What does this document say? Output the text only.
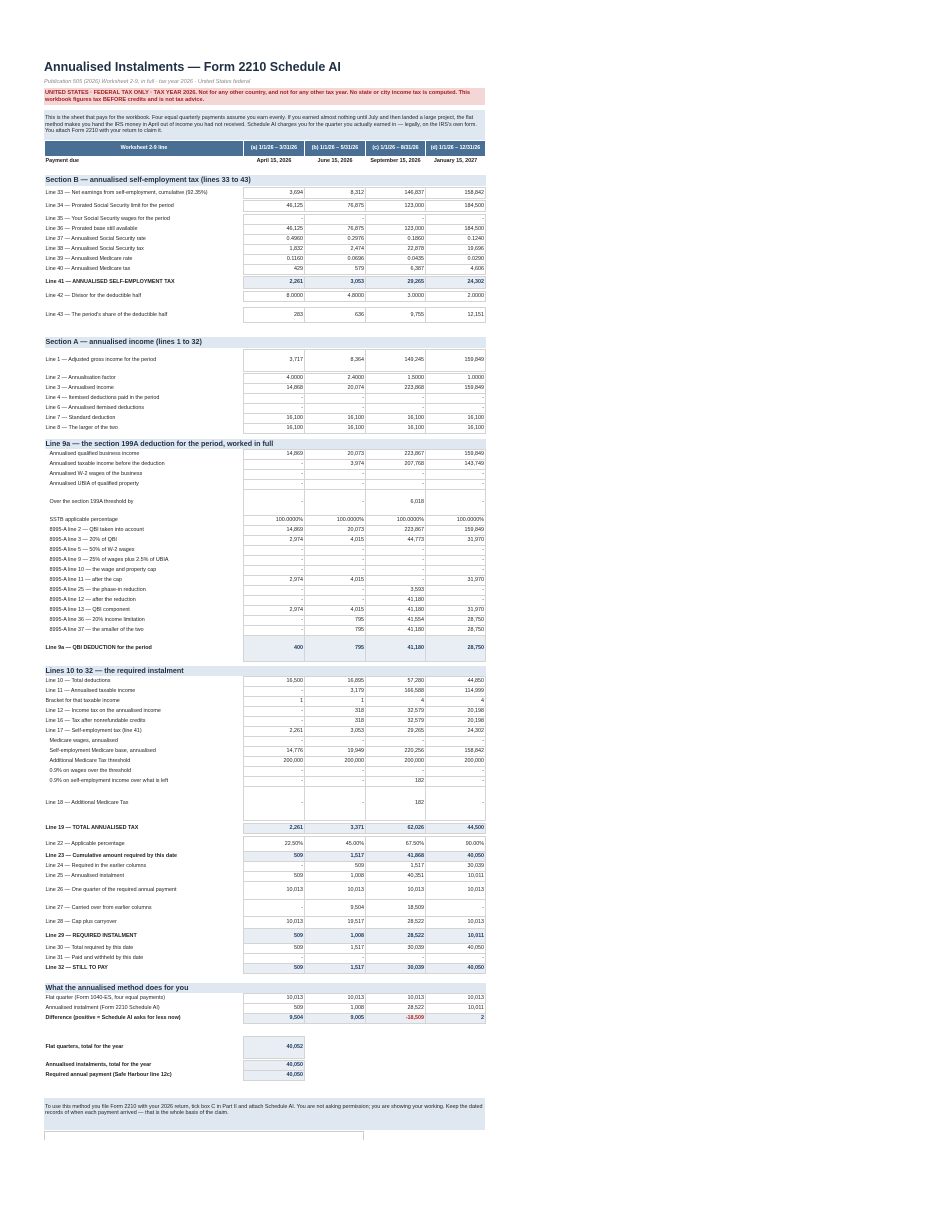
Annualised Instalments — Form 2210 Schedule AI
Publication 505 (2026) Worksheet 2-9, in full · tax year 2026 · United States federal
UNITED STATES · FEDERAL TAX ONLY · TAX YEAR 2026. Not for any other country, and not for any other tax year. No state or city income tax is computed. This workbook figures tax BEFORE credits and is not tax advice.
This is the sheet that pays for the workbook. Four equal quarterly payments assume you earn evenly. If you earned almost nothing until July and then landed a large project, the flat method makes you hand the IRS money in April out of income you had not received. Schedule AI charges you for the quarter you actually earned in — legally, on the IRS's own form. You attach Form 2210 with your return to claim it.
Worksheet 2-9 line	(a) 1/1/26 – 3/31/26	(b) 1/1/26 – 5/31/26	(c) 1/1/26 – 8/31/26	(d) 1/1/26 – 12/31/26
Payment due	April 15, 2026	June 15, 2026	September 15, 2026	January 15, 2027

Section B — annualised self-employment tax (lines 33 to 43)				

Line 33 — Net earnings from self-employment, cumulative (92.35%)	3,694	8,312	146,837	158,842

Line 34 — Prorated Social Security limit for the period	46,125	76,875	123,000	184,500

Line 35 — Your Social Security wages for the period	-	-	-	-
Line 36 — Prorated base still available	46,125	76,875	123,000	184,500
Line 37 — Annualised Social Security rate	0.4960	0.2976	0.1860	0.1240
Line 38 — Annualised Social Security tax	1,832	2,474	22,878	19,696
Line 39 — Annualised Medicare rate	0.1160	0.0696	0.0435	0.0290
Line 40 — Annualised Medicare tax	429	579	6,387	4,606

Line 41 — ANNUALISED SELF-EMPLOYMENT TAX	2,261	3,053	29,265	24,302

Line 42 — Divisor for the deductible half	8.0000	4.8000	3.0000	2.0000

Line 43 — The period's share of the deductible half	283	636	9,755	12,151

Section A — annualised income (lines 1 to 32)				

Line 1 — Adjusted gross income for the period	3,717	8,364	149,245	159,849

Line 2 — Annualisation factor	4.0000	2.4000	1.5000	1.0000
Line 3 — Annualised income	14,868	20,074	223,868	159,849
Line 4 — Itemised deductions paid in the period	-	-	-	-
Line 6 — Annualised itemised deductions	-	-	-	-
Line 7 — Standard deduction	16,100	16,100	16,100	16,100
Line 8 — The larger of the two	16,100	16,100	16,100	16,100

Line 9a — the section 199A deduction for the period, worked in full				
Annualised qualified business income	14,869	20,073	223,867	159,849
Annualised taxable income before the deduction	-	3,974	207,768	143,749
Annualised W-2 wages of the business	-	-	-	-
Annualised UBIA of qualified property	-	-	-	-
Over the section 199A threshold by	-	-	6,018	-
SSTB applicable percentage	100.0000%	100.0000%	100.0000%	100.0000%
8995-A line 2 — QBI taken into account	14,869	20,073	223,867	159,849
8995-A line 3 — 20% of QBI	2,974	4,015	44,773	31,970
8995-A line 5 — 50% of W-2 wages	-	-	-	-
8995-A line 9 — 25% of wages plus 2.5% of UBIA	-	-	-	-
8995-A line 10 — the wage and property cap	-	-	-	-
8995-A line 11 — after the cap	2,974	4,015	-	31,970
8995-A line 25 — the phase-in reduction	-	-	3,593	-
8995-A line 12 — after the reduction	-	-	41,180	-
8995-A line 13 — QBI component	2,974	4,015	41,180	31,970
8995-A line 36 — 20% income limitation	-	795	41,554	28,750
8995-A line 37 — the smaller of the two	-	795	41,180	28,750
Line 9a — QBI DEDUCTION for the period	400	795	41,180	28,750

Lines 10 to 32 — the required instalment				
Line 10 — Total deductions	16,500	16,895	57,280	44,850
Line 11 — Annualised taxable income	-	3,179	166,588	114,999
Bracket for that taxable income	1	1	4	4
Line 12 — Income tax on the annualised income	-	318	32,579	20,198
Line 16 — Tax after nonrefundable credits	-	318	32,579	20,198
Line 17 — Self-employment tax (line 41)	2,261	3,053	29,265	24,302
Medicare wages, annualised	-	-	-	-
Self-employment Medicare base, annualised	14,776	19,949	220,256	158,842
Additional Medicare Tax threshold	200,000	200,000	200,000	200,000
0.9% on wages over the threshold	-	-	-	-
0.9% on self-employment income over what is left	-	-	182	-
Line 18 — Additional Medicare Tax	-	-	182	-

Line 19 — TOTAL ANNUALISED TAX	2,261	3,371	62,026	44,500

Line 22 — Applicable percentage	22.50%	45.00%	67.50%	90.00%
Line 23 — Cumulative amount required by this date	509	1,517	41,868	40,050
Line 24 — Required in the earlier columns	-	509	1,517	30,039
Line 25 — Annualised instalment	509	1,008	40,351	10,011
Line 26 — One quarter of the required annual payment	10,013	10,013	10,013	10,013
Line 27 — Carried over from earlier columns	-	9,504	18,509	-
Line 28 — Cap plus carryover	10,013	19,517	28,522	10,013
Line 29 — REQUIRED INSTALMENT	509	1,008	28,522	10,011
Line 30 — Total required by this date	509	1,517	30,039	40,050
Line 31 — Paid and withheld by this date	-	-	-	-
Line 32 — STILL TO PAY	509	1,517	30,039	40,050

What the annualised method does for you				
Flat quarter (Form 1040-ES, four equal payments)	10,013	10,013	10,013	10,013
Annualised instalment (Form 2210 Schedule AI)	509	1,008	28,522	10,011
Difference (positive = Schedule AI asks for less now)	9,504	9,005	-18,509	2

Flat quarters, total for the year	40,052			

Annualised instalments, total for the year	40,050			
Required annual payment (Safe Harbour line 12c)	40,050			

To use this method you file Form 2210 with your 2026 return, tick box C in Part II and attach Schedule AI. You are not asking permission; you are showing your working. Keep the dated records of when each payment arrived — that is the whole basis of the claim.
